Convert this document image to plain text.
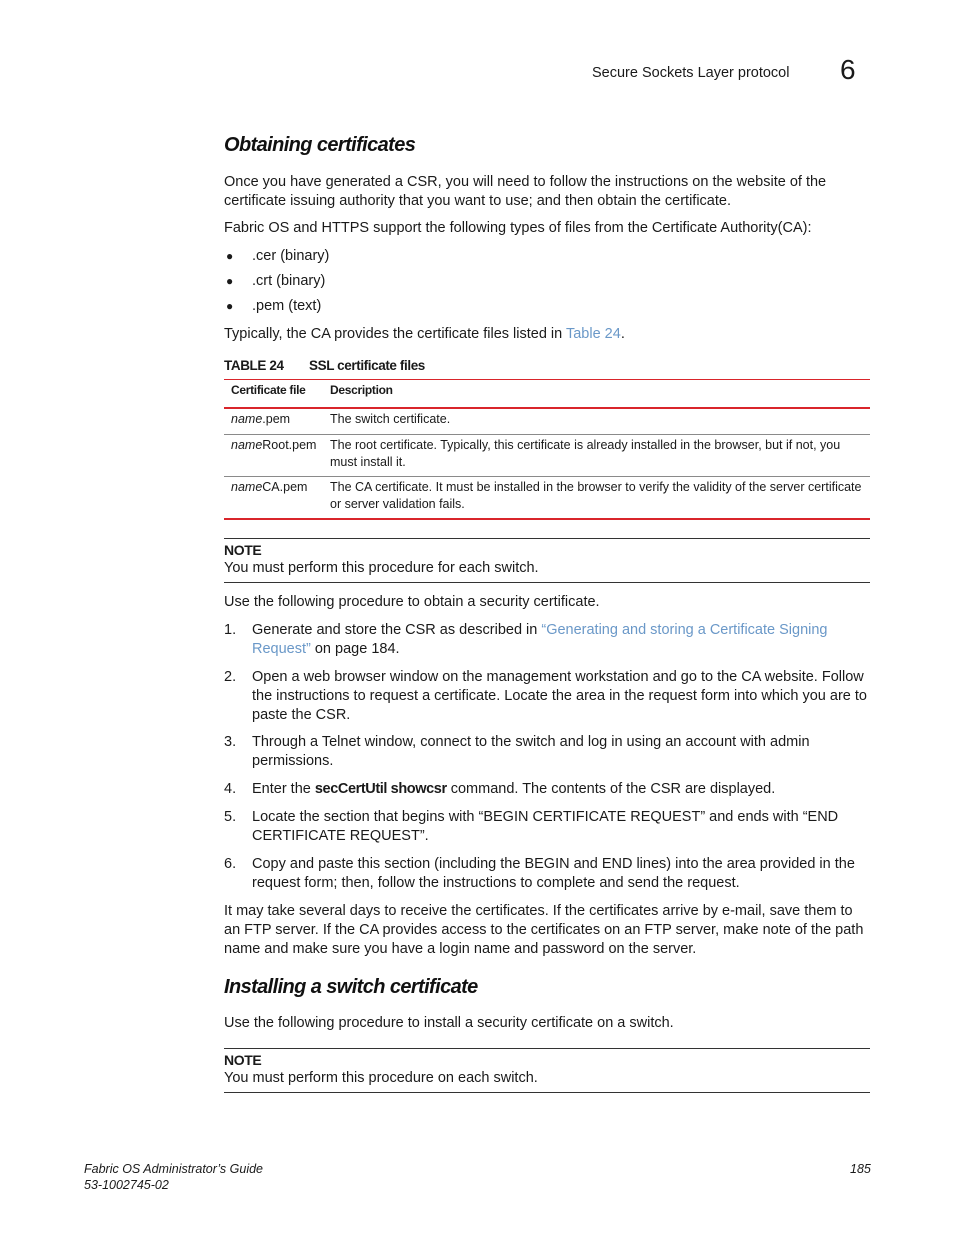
Secure Sockets Layer protocol 6
Obtaining certificates
Once you have generated a CSR, you will need to follow the instructions on the website of the certificate issuing authority that you want to use; and then obtain the certificate.
Fabric OS and HTTPS support the following types of files from the Certificate Authority(CA):
● .cer (binary)
● .crt (binary)
● .pem (text)
Typically, the CA provides the certificate files listed in Table 24.
TABLE 24 SSL certificate files
Certificate file Description
name.pem	The switch certificate.
nameRoot.pem The root certificate. Typically, this certificate is already installed in the browser, but if not, you must install it.
nameCA.pem The CA certificate. It must be installed in the browser to verify the validity of the server certificate or server validation fails.
NOTE
You must perform this procedure for each switch.
Use the following procedure to obtain a security certificate.
1. Generate and store the CSR as described in “Generating and storing a Certificate Signing Request” on page 184.
2. Open a web browser window on the management workstation and go to the CA website. Follow the instructions to request a certificate. Locate the area in the request form into which you are to paste the CSR.
3. Through a Telnet window, connect to the switch and log in using an account with admin permissions.
4. Enter the secCertUtil showcsr command. The contents of the CSR are displayed.
5. Locate the section that begins with “BEGIN CERTIFICATE REQUEST” and ends with “END CERTIFICATE REQUEST”.
6. Copy and paste this section (including the BEGIN and END lines) into the area provided in the request form; then, follow the instructions to complete and send the request.
It may take several days to receive the certificates. If the certificates arrive by e-mail, save them to an FTP server. If the CA provides access to the certificates on an FTP server, make note of the path name and make sure you have a login name and password on the server.
Installing a switch certificate
Use the following procedure to install a security certificate on a switch.
NOTE
You must perform this procedure on each switch.
Fabric OS Administrator’s Guide
53-1002745-02
185
